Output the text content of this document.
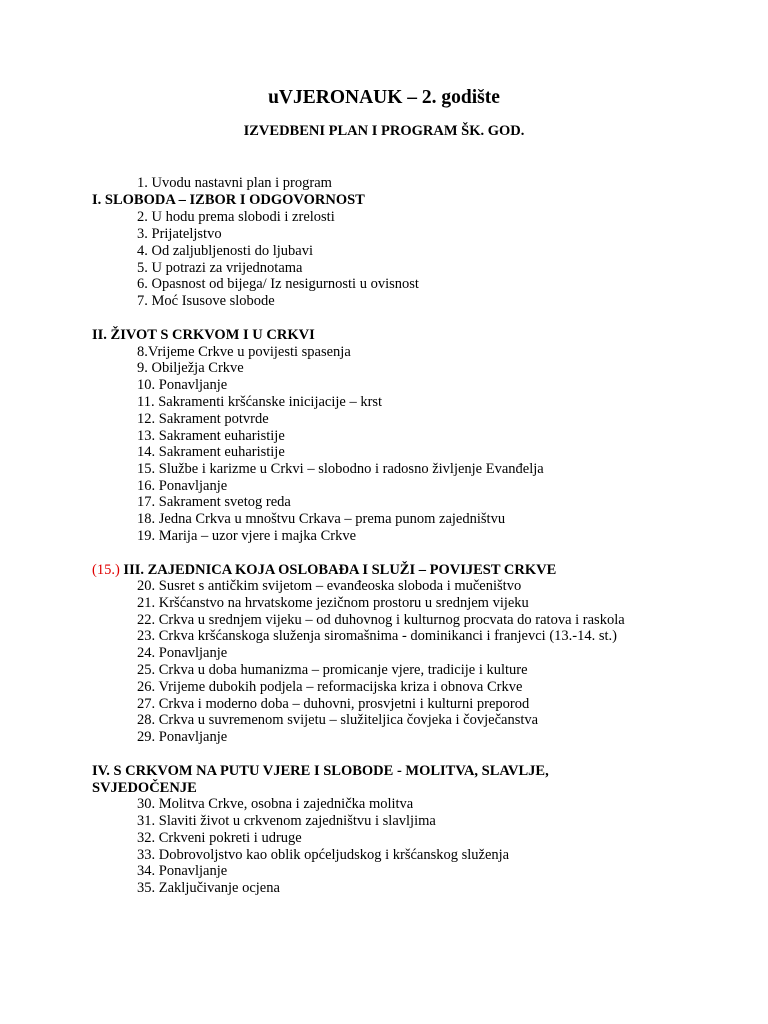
uVJERONAUK – 2. godište
IZVEDBENI PLAN I PROGRAM ŠK. GOD.
1. Uvodu nastavni plan i program
I. SLOBODA – IZBOR I ODGOVORNOST
2. U hodu prema slobodi i zrelosti
3. Prijateljstvo
4. Od zaljubljenosti do ljubavi
5. U potrazi za vrijednotama
6. Opasnost od bijega/ Iz nesigurnosti u ovisnost
7. Moć Isusove slobode
II. ŽIVOT S CRKVOM I U CRKVI
8.Vrijeme Crkve u povijesti spasenja
9. Obilježja Crkve
10. Ponavljanje
11. Sakramenti kršćanske inicijacije – krst
12. Sakrament potvrde
13. Sakrament euharistije
14. Sakrament euharistije
15. Službe i karizme u Crkvi – slobodno i radosno življenje Evanđelja
16. Ponavljanje
17. Sakrament svetog reda
18. Jedna Crkva u mnoštvu Crkava – prema punom zajedništvu
19. Marija – uzor vjere i majka Crkve
(15.) III. ZAJEDNICA KOJA OSLOBAĐA I SLUŽI – POVIJEST CRKVE
20. Susret s antičkim svijetom – evanđeoska sloboda i mučeništvo
21. Kršćanstvo na hrvatskome jezičnom prostoru u srednjem vijeku
22. Crkva u srednjem vijeku – od duhovnog i kulturnog procvata do ratova i raskola
23. Crkva kršćanskoga služenja siromašnima - dominikanci i franjevci (13.-14. st.)
24. Ponavljanje
25. Crkva u doba humanizma – promicanje vjere, tradicije i kulture
26. Vrijeme dubokih podjela – reformacijska kriza i obnova Crkve
27. Crkva i moderno doba – duhovni, prosvjetni i kulturni preporod
28. Crkva u suvremenom svijetu – služiteljica čovjeka i čovječanstva
29. Ponavljanje
IV. S CRKVOM NA PUTU VJERE I SLOBODE - MOLITVA, SLAVLJE,
SVJEDOČENJE
30. Molitva Crkve, osobna i zajednička molitva
31. Slaviti život u crkvenom zajedništvu i slavljima
32. Crkveni pokreti i udruge
33. Dobrovoljstvo kao oblik općeljudskog i kršćanskog služenja
34. Ponavljanje
35. Zaključivanje ocjena
